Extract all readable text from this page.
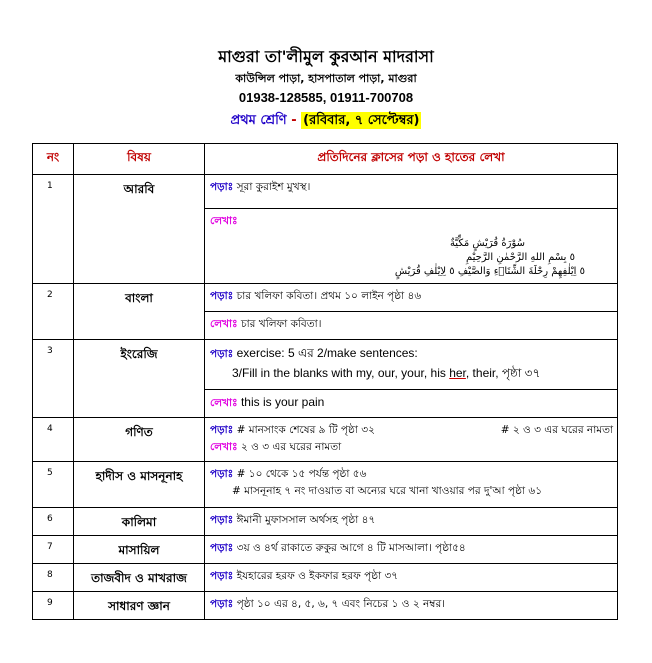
মাগুরা তা'লীমুল কুরআন মাদরাসা
কাউন্সিল পাড়া, হাসপাতাল পাড়া, মাগুরা
01938-128585, 01911-700708
প্রথম শ্রেণি - (রবিবার, ৭ সেপ্টেম্বর)
নং	বিষয়	প্রতিদিনের ক্লাসের পড়া ও হাতের লেখা
1	আরবি	পড়াঃ সূরা কুরাইশ মুখস্থ।
		লেখাঃ
سُوْرَةُ قُرَيْشٍ مَكِّيَّةٌ
٥ بِسْمِ اللهِ الرَّحْمٰنِ الرَّحِيْمِ
٥ اِيْلٰفِهِمْ رِحْلَةَ الشِّتَاۤءِ وَالصَّيْفِ ٥ لِاِيْلٰفِ قُرَيْشٍ

2	বাংলা	পড়াঃ চার খলিফা কবিতা। প্রথম ১০ লাইন পৃষ্ঠা ৪৬
		লেখাঃ চার খলিফা কবিতা।
3	ইংরেজি	পড়াঃ exercise: 5 এর 2/make sentences:
3/Fill in the blanks with my, our, your, his her, their, পৃষ্ঠা ৩৭

		লেখাঃ this is your pain
4	গণিত	পড়াঃ # মানসাংক শেষের ৯ টি পৃষ্ঠা ৩২ # ২ ও ৩ এর ঘরের নামতা
লেখাঃ ২ ও ৩ এর ঘরের নামতা

5	হাদীস ও মাসনূনাহ	পড়াঃ # ১০ থেকে ১৫ পর্যন্ত পৃষ্ঠা ৫৬
# মাসনূনাহ ৭ নং দাওয়াত বা অন্যের ঘরে খানা খাওয়ার পর দু'আ পৃষ্ঠা ৬১

6	কালিমা	পড়াঃ ঈমানী মুফাসসাল অর্থসহ পৃষ্ঠা ৪৭
7	মাসায়িল	পড়াঃ ৩য় ও ৪র্থ রাকাতে রুকুর আগে ৪ টি মাসআলা। পৃষ্ঠা৫৪
8	তাজবীদ ও মাখরাজ	পড়াঃ ইযহারের হরফ ও ইকফার হরফ পৃষ্ঠা ৩৭
9	সাধারণ জ্ঞান	পড়াঃ পৃষ্ঠা ১০ এর ৪, ৫, ৬, ৭ এবং নিচের ১ ও ২ নম্বর।
